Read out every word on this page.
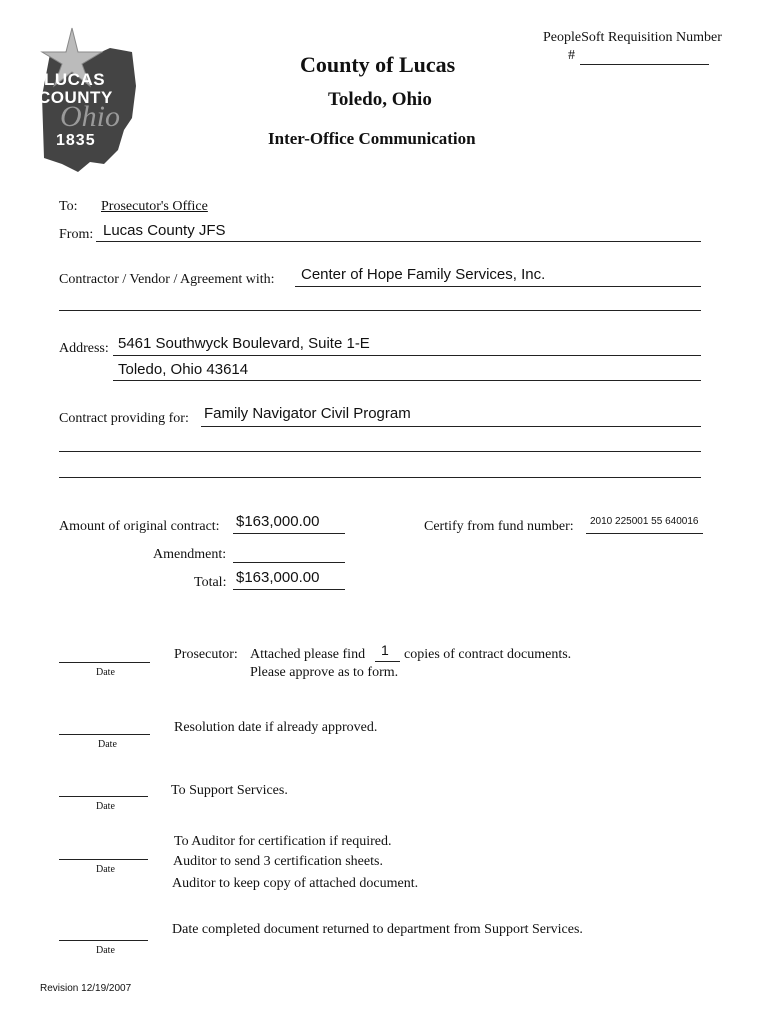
LUCAS
COUNTY
Ohio
1835
PeopleSoft Requisition Number
#
County of Lucas
Toledo, Ohio
Inter-Office Communication
To: Prosecutor's Office
From: Lucas County JFS
Contractor / Vendor / Agreement with: Center of Hope Family Services, Inc.
Address: 5461 Southwyck Boulevard, Suite 1-E
Toledo, Ohio 43614
Contract providing for: Family Navigator Civil Program
Amount of original contract: $163,000.00
Amendment:
Total: $163,000.00
Certify from fund number: 2010 225001 55 640016
Date
Prosecutor: Attached please find 1 copies of contract documents.
Please approve as to form.
Date
Resolution date if already approved.
Date
To Support Services.
Date
To Auditor for certification if required.
Auditor to send 3 certification sheets.
Auditor to keep copy of attached document.
Date
Date completed document returned to department from Support Services.
Revision 12/19/2007
